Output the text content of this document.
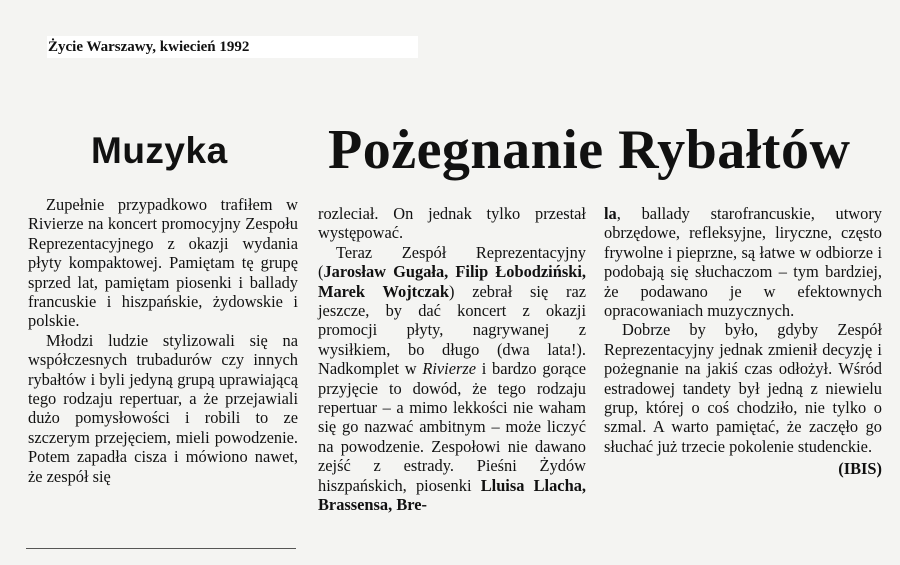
Życie Warszawy, kwiecień 1992
Muzyka Pożegnanie Rybałtów

Zupełnie przypadkowo trafiłem w Rivierze na koncert promocyjny Zespołu Reprezentacyjnego z okazji wydania płyty kompaktowej. Pamiętam tę grupę sprzed lat, pamiętam piosenki i ballady francuskie i hiszpańskie, żydowskie i polskie.

Młodzi ludzie stylizowali się na współczesnych trubadurów czy innych rybałtów i byli jedyną grupą uprawiającą tego rodzaju repertuar, a że przejawiali dużo pomysłowości i robili to ze szczerym przejęciem, mieli powodzenie. Potem zapadła cisza i mówiono nawet, że zespół się

rozleciał. On jednak tylko przestał występować.

Teraz Zespół Reprezentacyjny (Jarosław Gugała, Filip Łobodziński, Marek Wojtczak) zebrał się raz jeszcze, by dać koncert z okazji promocji płyty, nagrywanej z wysiłkiem, bo długo (dwa lata!). Nadkomplet w Rivierze i bardzo gorące przyjęcie to dowód, że tego rodzaju repertuar – a mimo lekkości nie waham się go nazwać ambitnym – może liczyć na powodzenie. Zespołowi nie dawano zejść z estrady. Pieśni Żydów hiszpańskich, piosenki Lluisa Llacha, Brassensa, Bre-

la, ballady starofrancuskie, utwory obrzędowe, refleksyjne, liryczne, często frywolne i pieprzne, są łatwe w odbiorze i podobają się słuchaczom – tym bardziej, że podawano je w efektownych opracowaniach muzycznych.

Dobrze by było, gdyby Zespół Reprezentacyjny jednak zmienił decyzję i pożegnanie na jakiś czas odłożył. Wśród estradowej tandety był jedną z niewielu grup, której o coś chodziło, nie tylko o szmal. A warto pamiętać, że zaczęło go słuchać już trzecie pokolenie studenckie.

(IBIS)
